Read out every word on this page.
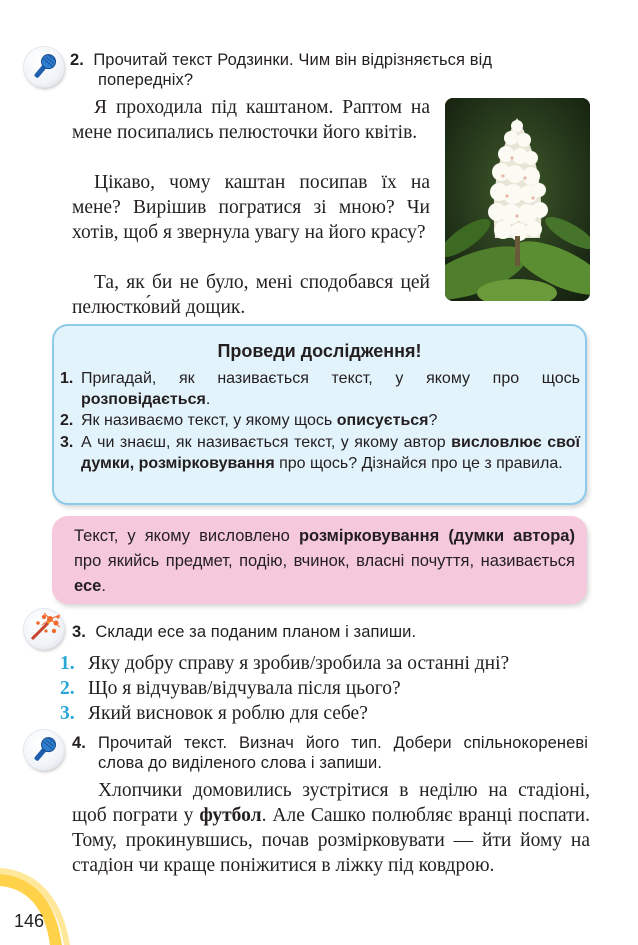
2. Прочитай текст Родзинки. Чим він відрізняється від
попередніх?
Я проходила під каштаном. Раптом на мене посипались пелюсточки його квітів.
Цікаво, чому каштан посипав їх на мене? Вирішив погратися зі мною? Чи хотів, щоб я звернула увагу на його красу?
Та, як би не було, мені сподобався цей пелюстко́вий дощик.
Проведи дослідження!
1. Пригадай, як називається текст, у якому про щось розповідається.
2. Як називаємо текст, у якому щось описується?
3. А чи знаєш, як називається текст, у якому автор висловлює свої думки, розмірковування про щось? Дізнайся про це з правила.
Текст, у якому висловлено розмірковування (думки автора) про якийсь предмет, подію, вчинок, власні почуття, називається есе.
3. Склади есе за поданим планом і запиши.
1. Яку добру справу я зробив/зробила за останні дні?
2. Що я відчував/відчувала після цього?
3. Який висновок я роблю для себе?
4. Прочитай текст. Визнач його тип. Добери спільнокореневі слова до виділеного слова і запиши.
Хлопчики домовились зустрітися в неділю на стадіоні, щоб пограти у футбол. Але Сашко полюбляє вранці поспати. Тому, прокинувшись, почав розмірковувати — йти йому на стадіон чи краще поніжитися в ліжку під ковдрою.
146
